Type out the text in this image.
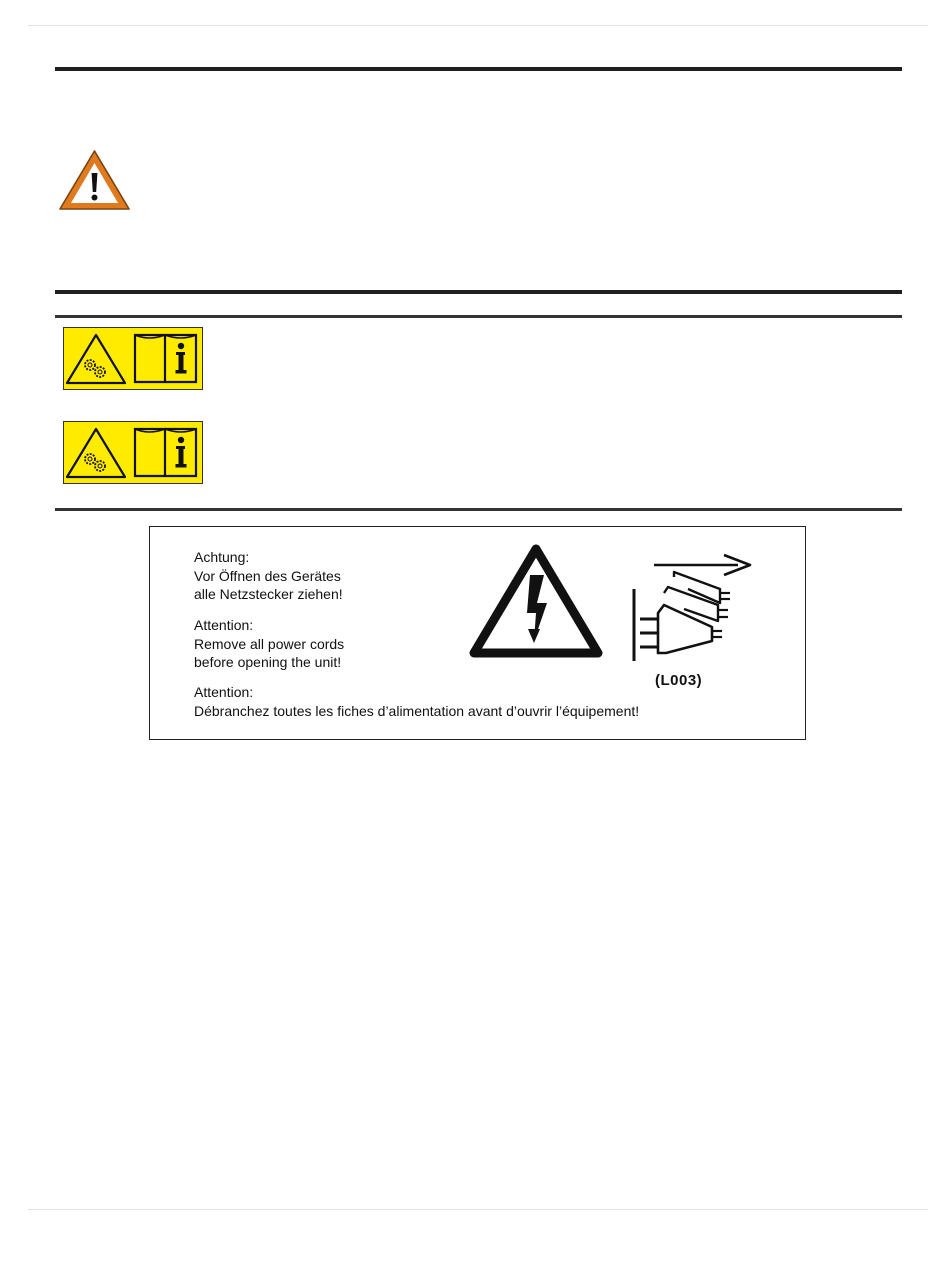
Achtung:
Vor Öffnen des Gerätes
alle Netzstecker ziehen!
Attention:
Remove all power cords
before opening the unit!
Attention:
Débranchez toutes les fiches d’alimentation avant d’ouvrir l’équipement!
(L003)
